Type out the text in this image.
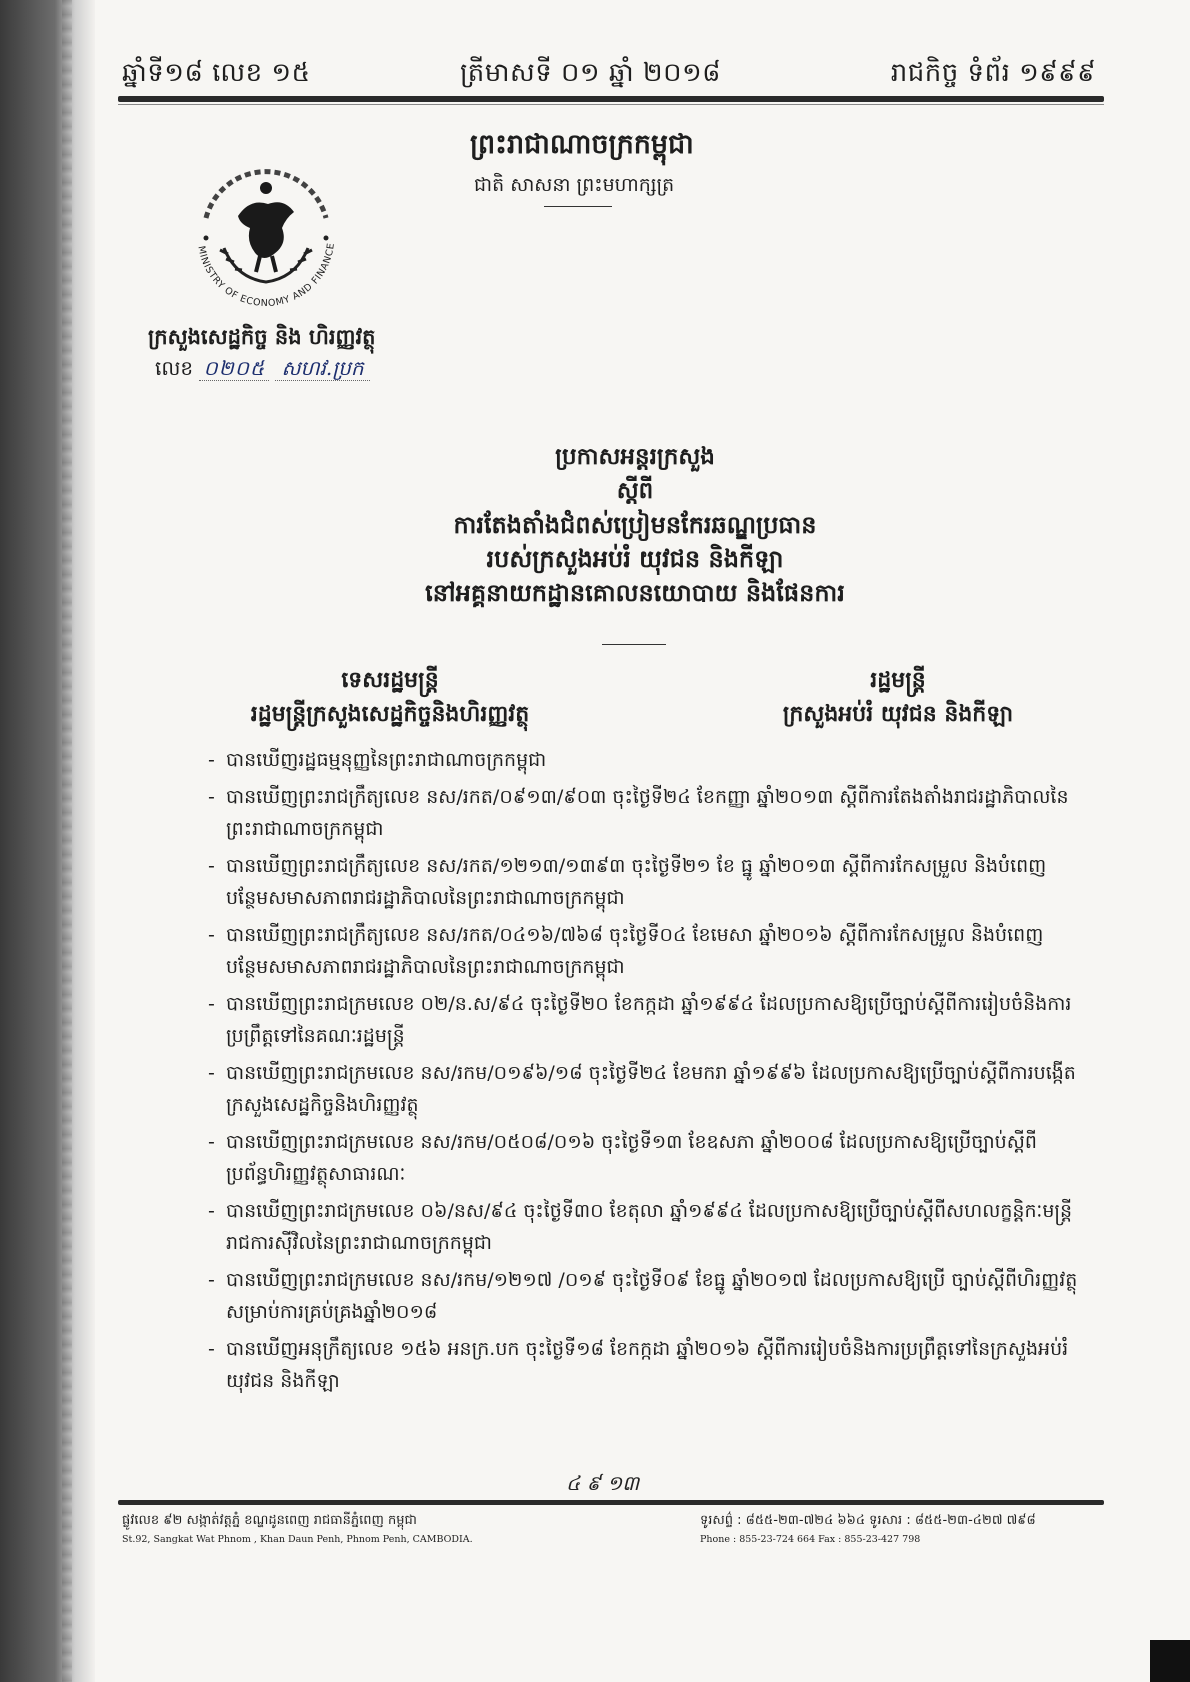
ឆ្នាំទី១៨ លេខ ១៥	ត្រីមាសទី ០១ ឆ្នាំ ២០១៨	រាជកិច្ច ទំព័រ ១៩៩៩
ព្រះរាជាណាចក្រកម្ពុជា
ជាតិ សាសនា ព្រះមហាក្សត្រ
MINISTRY OF ECONOMY AND FINANCE
ក្រសួងសេដ្ឋកិច្ច និង ហិរញ្ញវត្ថុ
លេខ ០២០៥ សហវ.ប្រក
ប្រកាសអន្តរក្រសួង
ស្តីពី
ការតែងតាំងជំពស់ប្រៀមនកែរឆណ្ឌប្រធាន
របស់ក្រសួងអប់រំ យុវជន និងកីឡា
នៅអគ្គនាយកដ្ឋានគោលនយោបាយ និងផែនការ
ទេសរដ្ឋមន្ត្រី
រដ្ឋមន្ត្រីក្រសួងសេដ្ឋកិច្ចនិងហិរញ្ញវត្ថុ
រដ្ឋមន្ត្រី
ក្រសួងអប់រំ យុវជន និងកីឡា
- បានឃើញរដ្ឋធម្មនុញ្ញនៃព្រះរាជាណាចក្រកម្ពុជា
- បានឃើញព្រះរាជក្រឹត្យលេខ នស/រកត/០៩១៣/៩០៣ ចុះថ្ងៃទី២៤ ខែកញ្ញា ឆ្នាំ២០១៣ ស្តីពីការតែងតាំងរាជរដ្ឋាភិបាលនៃព្រះរាជាណាចក្រកម្ពុជា
- បានឃើញព្រះរាជក្រឹត្យលេខ នស/រកត/១២១៣/១៣៩៣ ចុះថ្ងៃទី២១ ខែ ធ្នូ ឆ្នាំ២០១៣ ស្តីពីការកែសម្រួល និងបំពេញបន្ថែមសមាសភាពរាជរដ្ឋាភិបាលនៃព្រះរាជាណាចក្រកម្ពុជា
- បានឃើញព្រះរាជក្រឹត្យលេខ នស/រកត/០៤១៦/៧៦៨ ចុះថ្ងៃទី០៤ ខែមេសា ឆ្នាំ២០១៦ ស្តីពីការកែសម្រួល និងបំពេញ បន្ថែមសមាសភាពរាជរដ្ឋាភិបាលនៃព្រះរាជាណាចក្រកម្ពុជា
- បានឃើញព្រះរាជក្រមលេខ ០២/ន.ស/៩៤ ចុះថ្ងៃទី២០ ខែកក្កដា ឆ្នាំ១៩៩៤ ដែលប្រកាសឱ្យប្រើច្បាប់ស្តីពីការរៀបចំនិងការប្រព្រឹត្តទៅនៃគណៈរដ្ឋមន្ត្រី
- បានឃើញព្រះរាជក្រមលេខ នស/រកម/០១៩៦/១៨ ចុះថ្ងៃទី២៤ ខែមករា ឆ្នាំ១៩៩៦ ដែលប្រកាសឱ្យប្រើច្បាប់ស្តីពីការបង្កើតក្រសួងសេដ្ឋកិច្ចនិងហិរញ្ញវត្ថុ
- បានឃើញព្រះរាជក្រមលេខ នស/រកម/០៥០៨/០១៦ ចុះថ្ងៃទី១៣ ខែឧសភា ឆ្នាំ២០០៨ ដែលប្រកាសឱ្យប្រើច្បាប់ស្តីពីប្រព័ន្ធហិរញ្ញវត្ថុសាធារណៈ
- បានឃើញព្រះរាជក្រមលេខ ០៦/នស/៩៤ ចុះថ្ងៃទី៣០ ខែតុលា ឆ្នាំ១៩៩៤ ដែលប្រកាសឱ្យប្រើច្បាប់ស្តីពីសហលក្ខន្តិកៈមន្ត្រីរាជការស៊ីវិលនៃព្រះរាជាណាចក្រកម្ពុជា
- បានឃើញព្រះរាជក្រមលេខ នស/រកម/១២១៧ /០១៩ ចុះថ្ងៃទី០៩ ខែធ្នូ ឆ្នាំ២០១៧ ដែលប្រកាសឱ្យប្រើ ច្បាប់ស្តីពីហិរញ្ញវត្ថុសម្រាប់ការគ្រប់គ្រងឆ្នាំ២០១៨
- បានឃើញអនុក្រឹត្យលេខ ១៥៦ អនក្រ.បក ចុះថ្ងៃទី១៨ ខែកក្កដា ឆ្នាំ២០១៦ ស្តីពីការរៀបចំនិងការប្រព្រឹត្តទៅនៃក្រសួងអប់រំយុវជន និងកីឡា
៤ ៩ ១៣
ផ្លូវលេខ ៩២ សង្កាត់វត្តភ្នំ ខណ្ឌដូនពេញ រាជធានីភ្នំពេញ កម្ពុជា
St.92, Sangkat Wat Phnom , Khan Daun Penh, Phnom Penh, CAMBODIA.
ទូរសព្ទ៌ : ៨៥៥-២៣-៧២៤ ៦៦៤ ទូរសារ : ៨៥៥-២៣-៤២៧ ៧៩៨
Phone : 855-23-724 664 Fax : 855-23-427 798
